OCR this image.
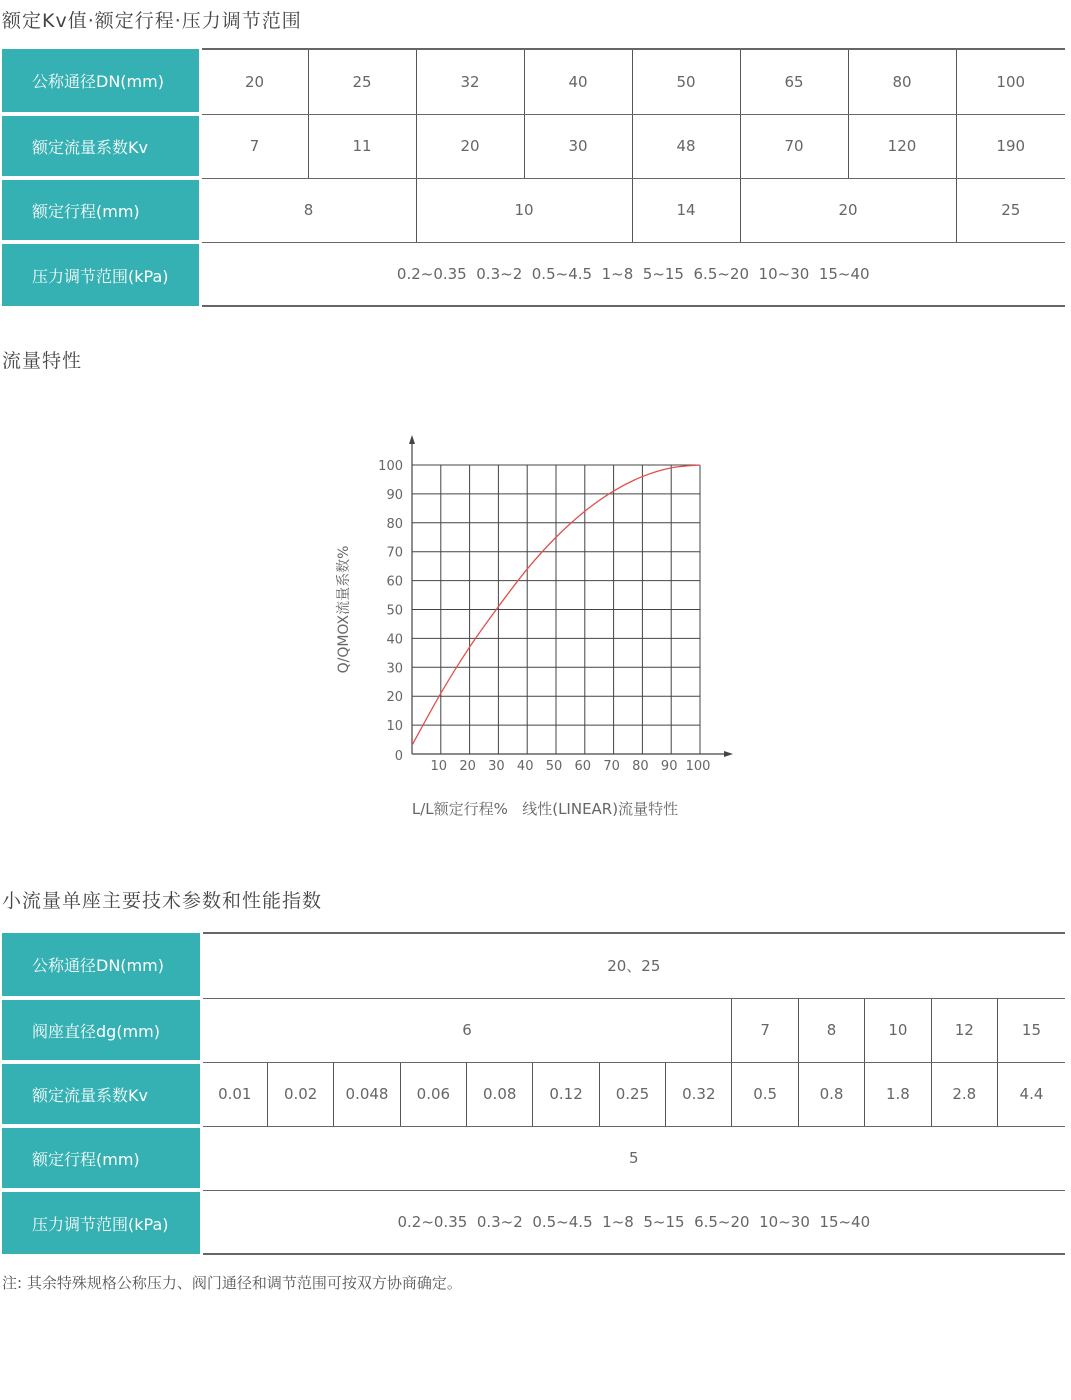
额定Kv值·额定行程·压力调节范围
公称通径DN(mm)	20	25	32	40	50	65	80	100
额定流量系数Kv	7	11	20	30	48	70	120	190
额定行程(mm)	8		10		14	20		25
压力调节范围(kPa)	0.2~0.35  0.3~2  0.5~4.5  1~8  5~15  6.5~20  10~30  15~40							
流量特性
0
10
20
30
40
50
60
70
80
90
100
10 20 30 40 50 60 70 80 90 100
Q/QMOX流量系数%
L/L额定行程%   线性(LINEAR)流量特性
小流量单座主要技术参数和性能指数
公称通径DN(mm)	20、25												
阀座直径dg(mm)	6								7	8	10	12	15
额定流量系数Kv	0.01	0.02	0.048	0.06	0.08	0.12	0.25	0.32	0.5	0.8	1.8	2.8	4.4
额定行程(mm)	5												
压力调节范围(kPa)	0.2~0.35  0.3~2  0.5~4.5  1~8  5~15  6.5~20  10~30  15~40												
注: 其余特殊规格公称压力、阀门通径和调节范围可按双方协商确定。
